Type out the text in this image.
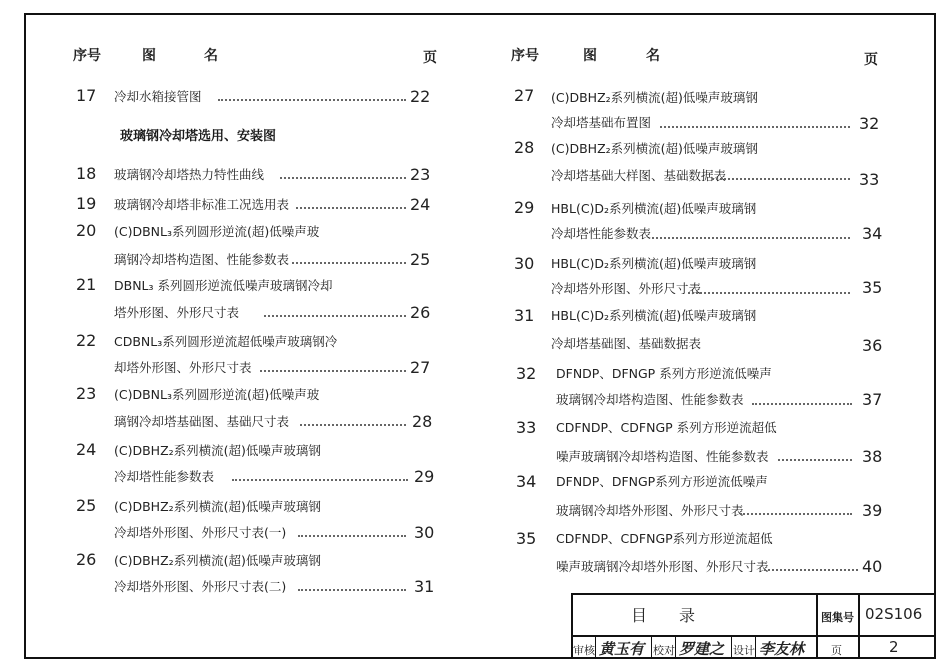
序号	图	名	页	序号	图	名	页
玻璃钢冷却塔选用、安装图
17 冷却水箱接管图	22
18 玻璃钢冷却塔热力特性曲线	23
19 玻璃钢冷却塔非标准工况选用表	24
20 (C)DBNL₃系列圆形逆流(超)低噪声玻
璃钢冷却塔构造图、性能参数表	25
21 DBNL₃ 系列圆形逆流低噪声玻璃钢冷却
塔外形图、外形尺寸表	26
22 CDBNL₃系列圆形逆流超低噪声玻璃钢冷
却塔外形图、外形尺寸表	27
23 (C)DBNL₃系列圆形逆流(超)低噪声玻
璃钢冷却塔基础图、基础尺寸表	28
24 (C)DBHZ₂系列横流(超)低噪声玻璃钢
冷却塔性能参数表	29
25 (C)DBHZ₂系列横流(超)低噪声玻璃钢
冷却塔外形图、外形尺寸表(一)	30
26 (C)DBHZ₂系列横流(超)低噪声玻璃钢
冷却塔外形图、外形尺寸表(二)	31
27 (C)DBHZ₂系列横流(超)低噪声玻璃钢
冷却塔基础布置图	32
28 (C)DBHZ₂系列横流(超)低噪声玻璃钢
冷却塔基础大样图、基础数据表	33
29 HBL(C)D₂系列横流(超)低噪声玻璃钢
冷却塔性能参数表	34
30 HBL(C)D₂系列横流(超)低噪声玻璃钢
冷却塔外形图、外形尺寸表	35
31 HBL(C)D₂系列横流(超)低噪声玻璃钢
冷却塔基础图、基础数据表	36
32 DFNDP、DFNGP 系列方形逆流低噪声
玻璃钢冷却塔构造图、性能参数表	37
33 CDFNDP、CDFNGP 系列方形逆流超低
噪声玻璃钢冷却塔构造图、性能参数表	38
34 DFNDP、DFNGP系列方形逆流低噪声
玻璃钢冷却塔外形图、外形尺寸表	39
35 CDFNDP、CDFNGP系列方形逆流超低
噪声玻璃钢冷却塔外形图、外形尺寸表	40
目　录	图集号 02S106
审核 黄玉有 校对 罗建之 设计 李友林 页	2
